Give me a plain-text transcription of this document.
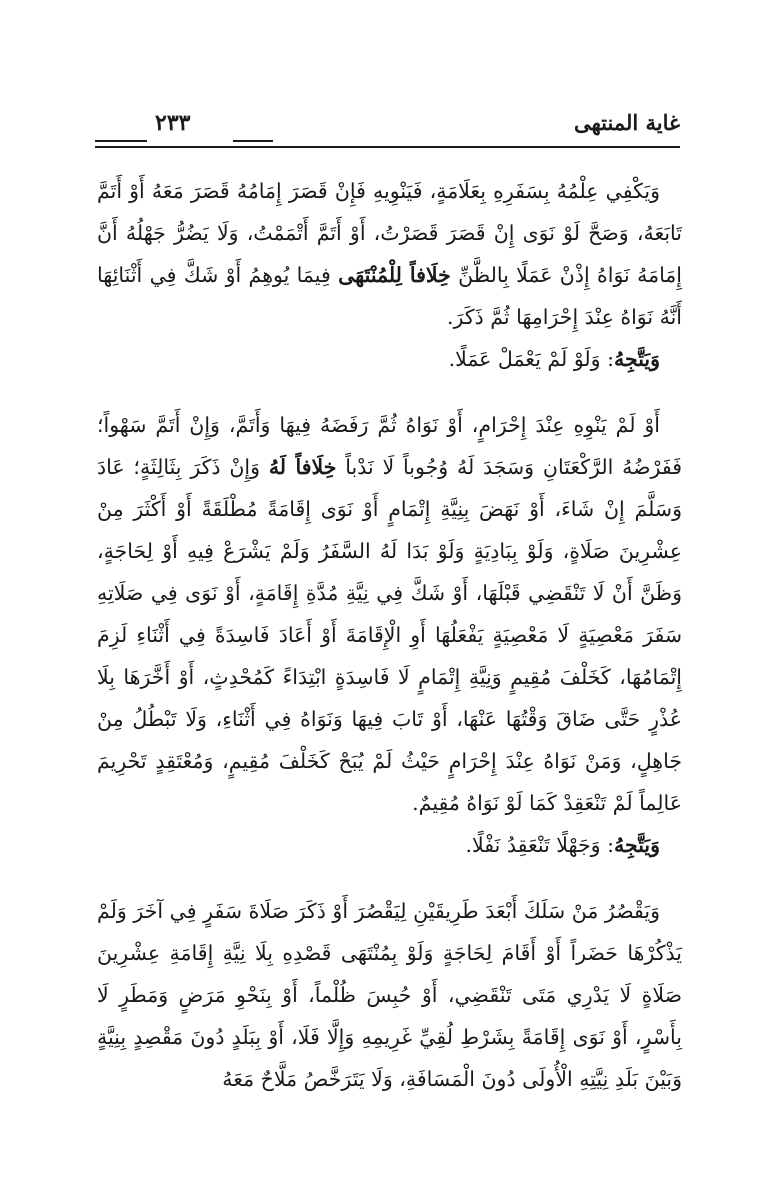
غاية المنتهى
٢٣٣

وَيَكْفِي عِلْمُهُ بِسَفَرِهِ بِعَلَامَةٍ، فَيَنْوِيهِ فَإِنْ قَصَرَ إِمَامُهُ قَصَرَ مَعَهُ أَوْ أَتَمَّ تَابَعَهُ، وَصَحَّ لَوْ نَوَى إِنْ قَصَرَ قَصَرْتُ، أَوْ أَتَمَّ أَتْمَمْتُ، وَلَا يَضُرُّ جَهْلُهُ أَنَّ إِمَامَهُ نَوَاهُ إِذْنْ عَمَلًا بِالظَّنِّ خِلَافاً لِلْمُنْتَهَى فِيمَا يُوهِمُ أَوْ شَكَّ فِي أَثْنَائِهَا أَنَّهُ نَوَاهُ عِنْدَ إِحْرَامِهَا ثُمَّ ذَكَرَ.

وَيَتَّجِهُ: وَلَوْ لَمْ يَعْمَلْ عَمَلًا.

أَوْ لَمْ يَنْوِهِ عِنْدَ إِحْرَامٍ، أَوْ نَوَاهُ ثُمَّ رَفَضَهُ فِيهَا وَأَتَمَّ، وَإِنْ أَتَمَّ سَهْواً؛ فَفَرْضُهُ الرَّكْعَتَانِ وَسَجَدَ لَهُ وُجُوباً لَا نَدْباً خِلَافاً لَهُ وَإِنْ ذَكَرَ بِثَالِثَةٍ؛ عَادَ وَسَلَّمَ إِنْ شَاءَ، أَوْ نَهَضَ بِنِيَّةِ إِتْمَامٍ أَوْ نَوَى إِقَامَةً مُطْلَقَةً أَوْ أَكْثَرَ مِنْ عِشْرِينَ صَلَاةٍ، وَلَوْ بِبَادِيَةٍ وَلَوْ بَدَا لَهُ السَّفَرُ وَلَمْ يَشْرَعْ فِيهِ أَوْ لِحَاجَةٍ، وَظَنَّ أَنْ لَا تَنْقَضِي قَبْلَهَا، أَوْ شَكَّ فِي نِيَّةِ مُدَّةِ إِقَامَةٍ، أَوْ نَوَى فِي صَلَاتِهِ سَفَرَ مَعْصِيَةٍ لَا مَعْصِيَةٍ يَفْعَلُهَا أَوِ الْإِقَامَةَ أَوْ أَعَادَ فَاسِدَةً فِي أَثْنَاءِ لَزِمَ إِتْمَامُهَا، كَخَلْفَ مُقِيمٍ وَنِيَّةِ إِتْمَامٍ لَا فَاسِدَةٍ ابْتِدَاءً كَمُحْدِثٍ، أَوْ أَخَّرَهَا بِلَا عُذْرٍ حَتَّى ضَاقَ وَقْتُهَا عَنْهَا، أَوْ تَابَ فِيهَا وَنَوَاهُ فِي أَثْنَاءِ، وَلَا تَبْطُلُ مِنْ جَاهِلٍ، وَمَنْ نَوَاهُ عِنْدَ إِحْرَامٍ حَيْثُ لَمْ يُبَحْ كَخَلْفَ مُقِيمٍ، وَمُعْتَقِدٍ تَحْرِيمَ عَالِماً لَمْ تَنْعَقِدْ كَمَا لَوْ نَوَاهُ مُقِيمٌ.

وَيَتَّجِهُ: وَجَهْلًا تَنْعَقِدُ نَفْلًا.

وَيَقْصُرُ مَنْ سَلَكَ أَبْعَدَ طَرِيقَيْنِ لِيَقْصُرَ أَوْ ذَكَرَ صَلَاةَ سَفَرٍ فِي آخَرَ وَلَمْ يَذْكُرْهَا حَضَراً أَوْ أَقَامَ لِحَاجَةٍ وَلَوْ بِمُنْتَهَى قَصْدِهِ بِلَا نِيَّةِ إِقَامَةِ عِشْرِينَ صَلَاةٍ لَا يَدْرِي مَتَى تَنْقَضِي، أَوْ حُبِسَ ظُلْماً، أَوْ بِنَحْوِ مَرَضٍ وَمَطَرٍ لَا بِأَسْرٍ، أَوْ نَوَى إِقَامَةً بِشَرْطِ لُقِيِّ غَرِيمِهِ وَإِلَّا فَلَا، أَوْ بِبَلَدٍ دُونَ مَقْصِدٍ بِنِيَّةٍ وَبَيْنَ بَلَدِ نِيَّتِهِ الْأُولَى دُونَ الْمَسَافَةِ، وَلَا يَتَرَخَّصُ مَلَّاحٌ مَعَهُ
